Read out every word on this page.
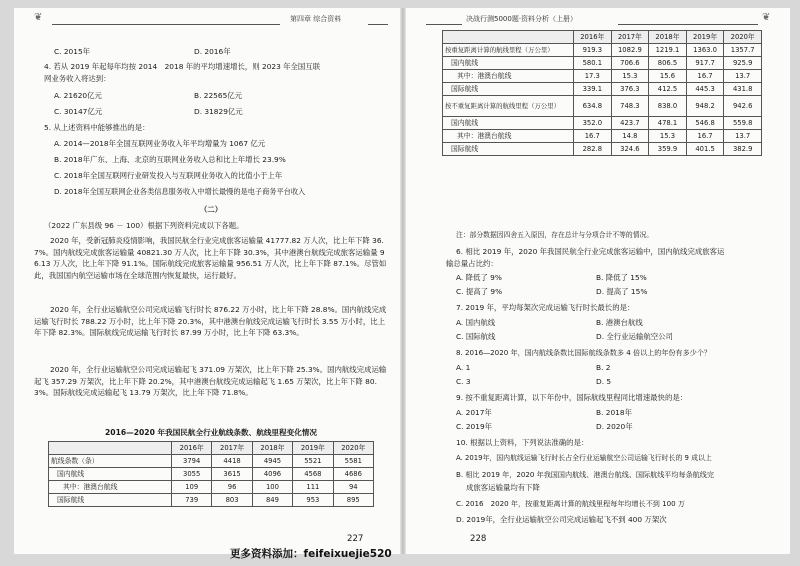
❦	第四章 综合资料
C. 2015年	D. 2016年
4. 若从 2019 年起每年均按 2014　2018 年的平均增速增长，则 2023 年全国互联
网业务收入将达到：
A. 21620亿元	B. 22565亿元
C. 30147亿元	D. 31829亿元
5. 从上述资料中能够推出的是：
A. 2014—2018年全国互联网业务收入年平均增量为 1067 亿元
B. 2018年广东、上海、北京的互联网业务收入总和比上年增长 23.9%
C. 2018年全国互联网行业研发投入与互联网业务收入的比值小于上年
D. 2018年全国互联网企业各类信息服务收入中增长最慢的是电子商务平台收入
（二）
（2022 广东县级 96 － 100）根据下列资料完成以下各题。
2020 年，受新冠肺炎疫情影响，我国民航全行业完成旅客运输量 41777.82 万人次，比上年下降 36.7%。国内航线完成旅客运输量 40821.30 万人次，比上年下降 30.3%，其中港澳台航线完成旅客运输量 96.13 万人次，比上年下降 91.1%。国际航线完成旅客运输量 956.51 万人次，比上年下降 87.1%。尽管如此，我国国内航空运输市场在全球范围内恢复最快，运行最好。
2020 年，全行业运输航空公司完成运输飞行时长 876.22 万小时，比上年下降 28.8%。国内航线完成运输飞行时长 788.22 万小时，比上年下降 20.3%，其中港澳台航线完成运输飞行时长 3.55 万小时，比上年下降 82.3%。国际航线完成运输飞行时长 87.99 万小时，比上年下降 63.3%。
2020 年，全行业运输航空公司完成运输起飞 371.09 万架次，比上年下降 25.3%。国内航线完成运输起飞 357.29 万架次，比上年下降 20.2%，其中港澳台航线完成运输起飞 1.65 万架次，比上年下降 80.3%。国际航线完成运输起飞 13.79 万架次，比上年下降 71.8%。
2016—2020 年我国民航全行业航线条数、航线里程变化情况
	2016年	2017年	2018年	2019年	2020年
航线条数（条）	3794	4418	4945	5521	5581
国内航线	3055	3615	4096	4568	4686
其中：港澳台航线	109	96	100	111	94
国际航线	739	803	849	953	895
227
决战行测5000题·资料分析（上册）	❦
	2016年	2017年	2018年	2019年	2020年
按重复距离计算的航线里程（万公里）	919.3	1082.9	1219.1	1363.0	1357.7
国内航线	580.1	706.6	806.5	917.7	925.9
其中：港澳台航线	17.3	15.3	15.6	16.7	13.7
国际航线	339.1	376.3	412.5	445.3	431.8
按不重复距离计算的航线里程（万公里）	634.8	748.3	838.0	948.2	942.6
国内航线	352.0	423.7	478.1	546.8	559.8
其中：港澳台航线	16.7	14.8	15.3	16.7	13.7
国际航线	282.8	324.6	359.9	401.5	382.9
注：部分数据因四舍五入原因，存在总计与分项合计不等的情况。
6. 相比 2019 年，2020 年我国民航全行业完成旅客运输中，国内航线完成旅客运
输总量占比约：
A. 降低了 9%	B. 降低了 15%
C. 提高了 9%	D. 提高了 15%
7. 2019 年，平均每架次完成运输飞行时长最长的是：
A. 国内航线	B. 港澳台航线
C. 国际航线	D. 全行业运输航空公司
8. 2016—2020 年，国内航线条数比国际航线条数多 4 倍以上的年份有多少个？
A. 1	B. 2
C. 3	D. 5
9. 按不重复距离计算，以下年份中，国际航线里程同比增速最快的是：
A. 2017年	B. 2018年
C. 2019年	D. 2020年
10. 根据以上资料，下列说法准确的是：
A. 2019年，国内航线运输飞行时长占全行业运输航空公司运输飞行时长的 9 成以上
B. 相比 2019 年，2020 年我国国内航线、港澳台航线、国际航线平均每条航线完
成旅客运输量均有下降
C. 2016　2020 年，按重复距离计算的航线里程每年均增长不到 100 万
D. 2019年，全行业运输航空公司完成运输起飞不到 400 万架次
228
更多资料添加：feifeixuejie520
